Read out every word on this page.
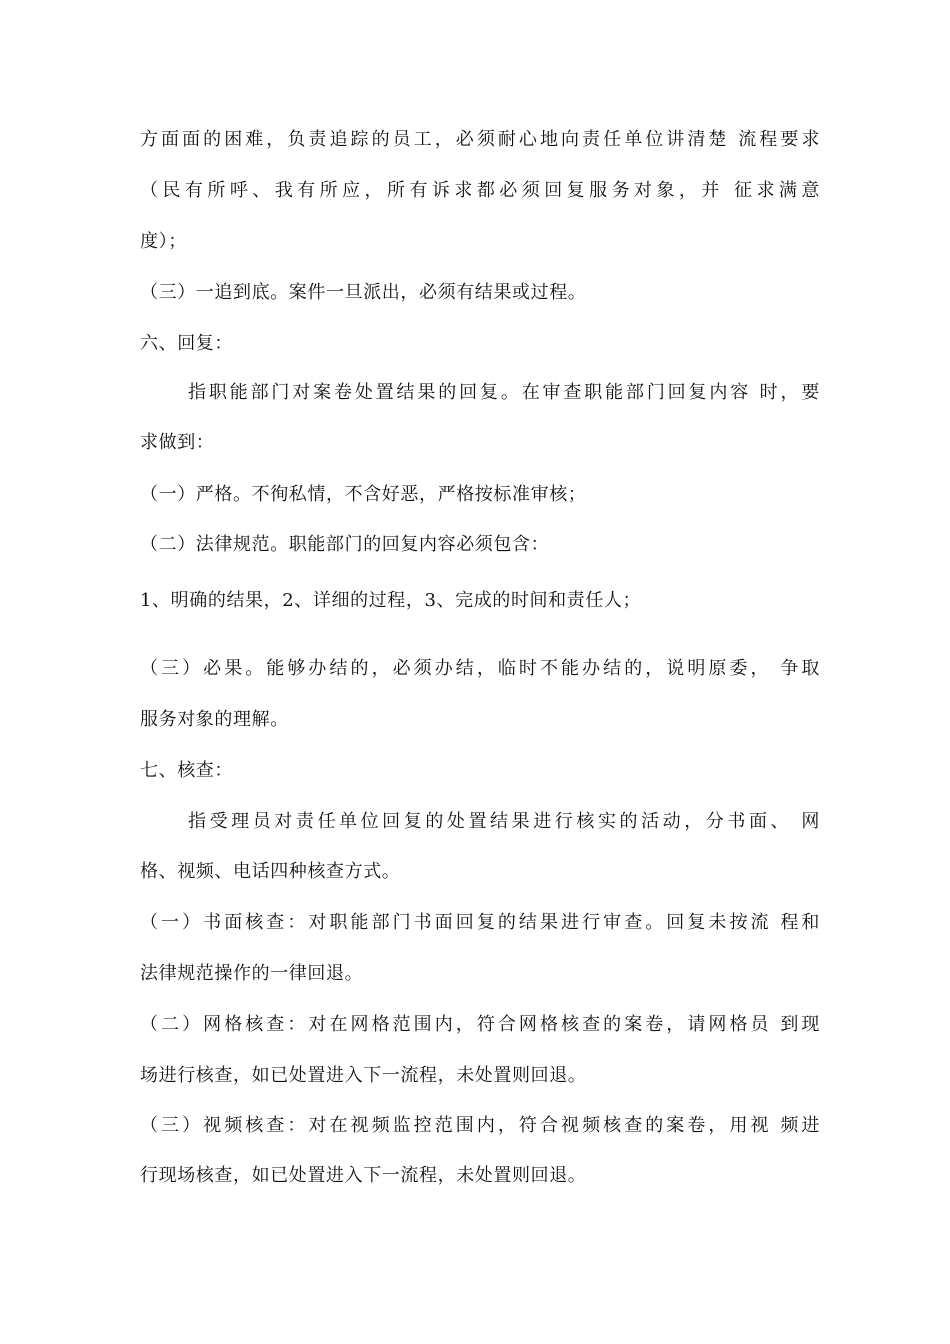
方面面的困难，负责追踪的员工，必须耐心地向责任单位讲清楚 流程要求
（民有所呼、我有所应，所有诉求都必须回复服务对象，并 征求满意
度）；
（三）一追到底。案件一旦派出，必须有结果或过程。
六、回复：
指职能部门对案卷处置结果的回复。在审查职能部门回复内容 时，要
求做到：
（一）严格。不徇私情，不含好恶，严格按标准审核；
（二）法律规范。职能部门的回复内容必须包含：
1、明确的结果，2、详细的过程，3、完成的时间和责任人；
（三）必果。能够办结的，必须办结，临时不能办结的，说明原委， 争取
服务对象的理解。
七、核查：
指受理员对责任单位回复的处置结果进行核实的活动，分书面、 网
格、视频、电话四种核查方式。
（一）书面核查：对职能部门书面回复的结果进行审查。回复未按流 程和
法律规范操作的一律回退。
（二）网格核查：对在网格范围内，符合网格核查的案卷，请网格员 到现
场进行核查，如已处置进入下一流程，未处置则回退。
（三）视频核查：对在视频监控范围内，符合视频核查的案卷，用视 频进
行现场核查，如已处置进入下一流程，未处置则回退。
